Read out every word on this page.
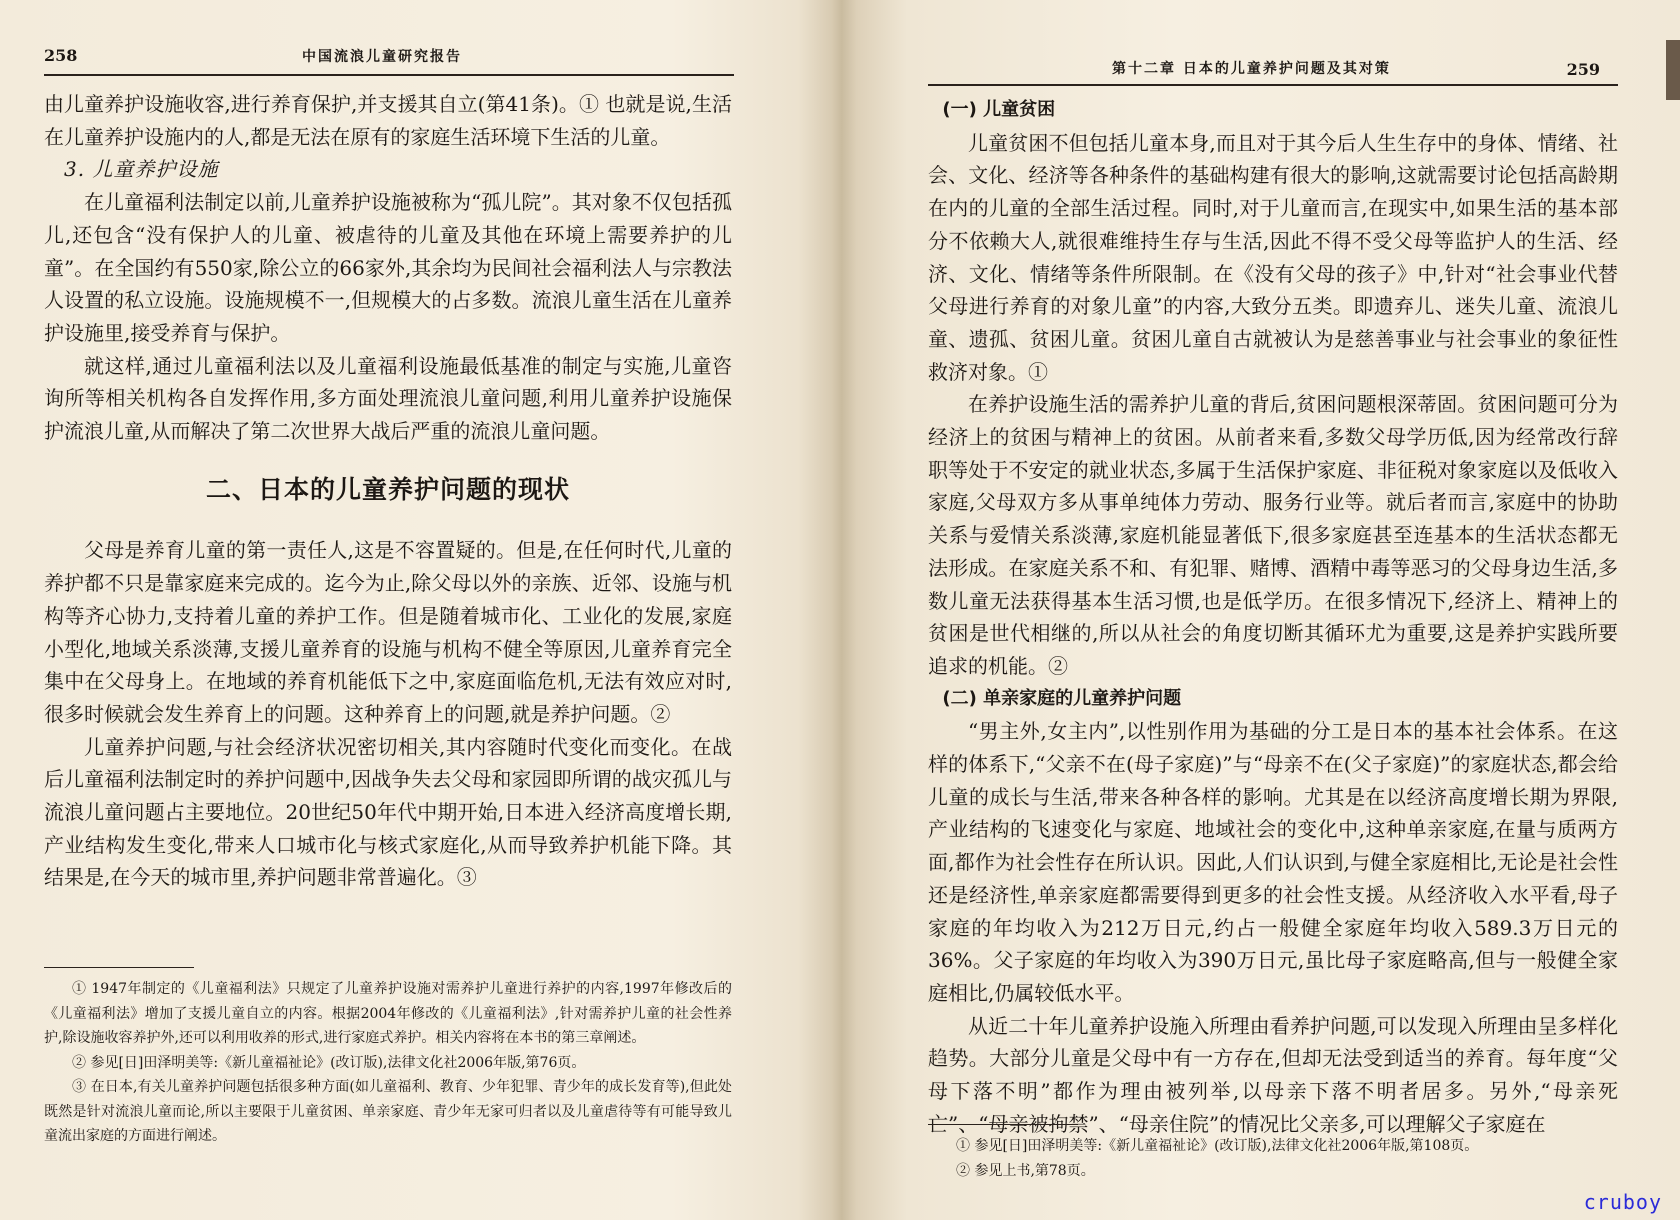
258	中国流浪儿童研究报告

由儿童养护设施收容,进行养育保护,并支援其自立(第41条)。① 也就是说,生活在儿童养护设施内的人,都是无法在原有的家庭生活环境下生活的儿童。

3. 儿童养护设施

在儿童福利法制定以前,儿童养护设施被称为“孤儿院”。其对象不仅包括孤儿,还包含“没有保护人的儿童、被虐待的儿童及其他在环境上需要养护的儿童”。在全国约有550家,除公立的66家外,其余均为民间社会福利法人与宗教法人设置的私立设施。设施规模不一,但规模大的占多数。流浪儿童生活在儿童养护设施里,接受养育与保护。

就这样,通过儿童福利法以及儿童福利设施最低基准的制定与实施,儿童咨询所等相关机构各自发挥作用,多方面处理流浪儿童问题,利用儿童养护设施保护流浪儿童,从而解决了第二次世界大战后严重的流浪儿童问题。

二、日本的儿童养护问题的现状

父母是养育儿童的第一责任人,这是不容置疑的。但是,在任何时代,儿童的养护都不只是靠家庭来完成的。迄今为止,除父母以外的亲族、近邻、设施与机构等齐心协力,支持着儿童的养护工作。但是随着城市化、工业化的发展,家庭小型化,地域关系淡薄,支援儿童养育的设施与机构不健全等原因,儿童养育完全集中在父母身上。在地域的养育机能低下之中,家庭面临危机,无法有效应对时,很多时候就会发生养育上的问题。这种养育上的问题,就是养护问题。②

儿童养护问题,与社会经济状况密切相关,其内容随时代变化而变化。在战后儿童福利法制定时的养护问题中,因战争失去父母和家园即所谓的战灾孤儿与流浪儿童问题占主要地位。20世纪50年代中期开始,日本进入经济高度增长期,产业结构发生变化,带来人口城市化与核式家庭化,从而导致养护机能下降。其结果是,在今天的城市里,养护问题非常普遍化。③

① 1947年制定的《儿童福利法》只规定了儿童养护设施对需养护儿童进行养护的内容,1997年修改后的《儿童福利法》增加了支援儿童自立的内容。根据2004年修改的《儿童福利法》,针对需养护儿童的社会性养护,除设施收容养护外,还可以利用收养的形式,进行家庭式养护。相关内容将在本书的第三章阐述。

② 参见[日]田泽明美等:《新儿童福祉论》(改订版),法律文化社2006年版,第76页。

③ 在日本,有关儿童养护问题包括很多种方面(如儿童福利、教育、少年犯罪、青少年的成长发育等),但此处既然是针对流浪儿童而论,所以主要限于儿童贫困、单亲家庭、青少年无家可归者以及儿童虐待等有可能导致儿童流出家庭的方面进行阐述。

第十二章 日本的儿童养护问题及其对策	259

(一) 儿童贫困

儿童贫困不但包括儿童本身,而且对于其今后人生生存中的身体、情绪、社会、文化、经济等各种条件的基础构建有很大的影响,这就需要讨论包括高龄期在内的儿童的全部生活过程。同时,对于儿童而言,在现实中,如果生活的基本部分不依赖大人,就很难维持生存与生活,因此不得不受父母等监护人的生活、经济、文化、情绪等条件所限制。在《没有父母的孩子》中,针对“社会事业代替父母进行养育的对象儿童”的内容,大致分五类。即遗弃儿、迷失儿童、流浪儿童、遗孤、贫困儿童。贫困儿童自古就被认为是慈善事业与社会事业的象征性救济对象。①

在养护设施生活的需养护儿童的背后,贫困问题根深蒂固。贫困问题可分为经济上的贫困与精神上的贫困。从前者来看,多数父母学历低,因为经常改行辞职等处于不安定的就业状态,多属于生活保护家庭、非征税对象家庭以及低收入家庭,父母双方多从事单纯体力劳动、服务行业等。就后者而言,家庭中的协助关系与爱情关系淡薄,家庭机能显著低下,很多家庭甚至连基本的生活状态都无法形成。在家庭关系不和、有犯罪、赌博、酒精中毒等恶习的父母身边生活,多数儿童无法获得基本生活习惯,也是低学历。在很多情况下,经济上、精神上的贫困是世代相继的,所以从社会的角度切断其循环尤为重要,这是养护实践所要追求的机能。②

(二) 单亲家庭的儿童养护问题

“男主外,女主内”,以性别作用为基础的分工是日本的基本社会体系。在这样的体系下,“父亲不在(母子家庭)”与“母亲不在(父子家庭)”的家庭状态,都会给儿童的成长与生活,带来各种各样的影响。尤其是在以经济高度增长期为界限,产业结构的飞速变化与家庭、地域社会的变化中,这种单亲家庭,在量与质两方面,都作为社会性存在所认识。因此,人们认识到,与健全家庭相比,无论是社会性还是经济性,单亲家庭都需要得到更多的社会性支援。从经济收入水平看,母子家庭的年均收入为212万日元,约占一般健全家庭年均收入589.3万日元的36%。父子家庭的年均收入为390万日元,虽比母子家庭略高,但与一般健全家庭相比,仍属较低水平。

从近二十年儿童养护设施入所理由看养护问题,可以发现入所理由呈多样化趋势。大部分儿童是父母中有一方存在,但却无法受到适当的养育。每年度“父母下落不明”都作为理由被列举,以母亲下落不明者居多。另外,“母亲死亡”、“母亲被拘禁”、“母亲住院”的情况比父亲多,可以理解父子家庭在

① 参见[日]田泽明美等:《新儿童福祉论》(改订版),法律文化社2006年版,第108页。

② 参见上书,第78页。

cruboy
